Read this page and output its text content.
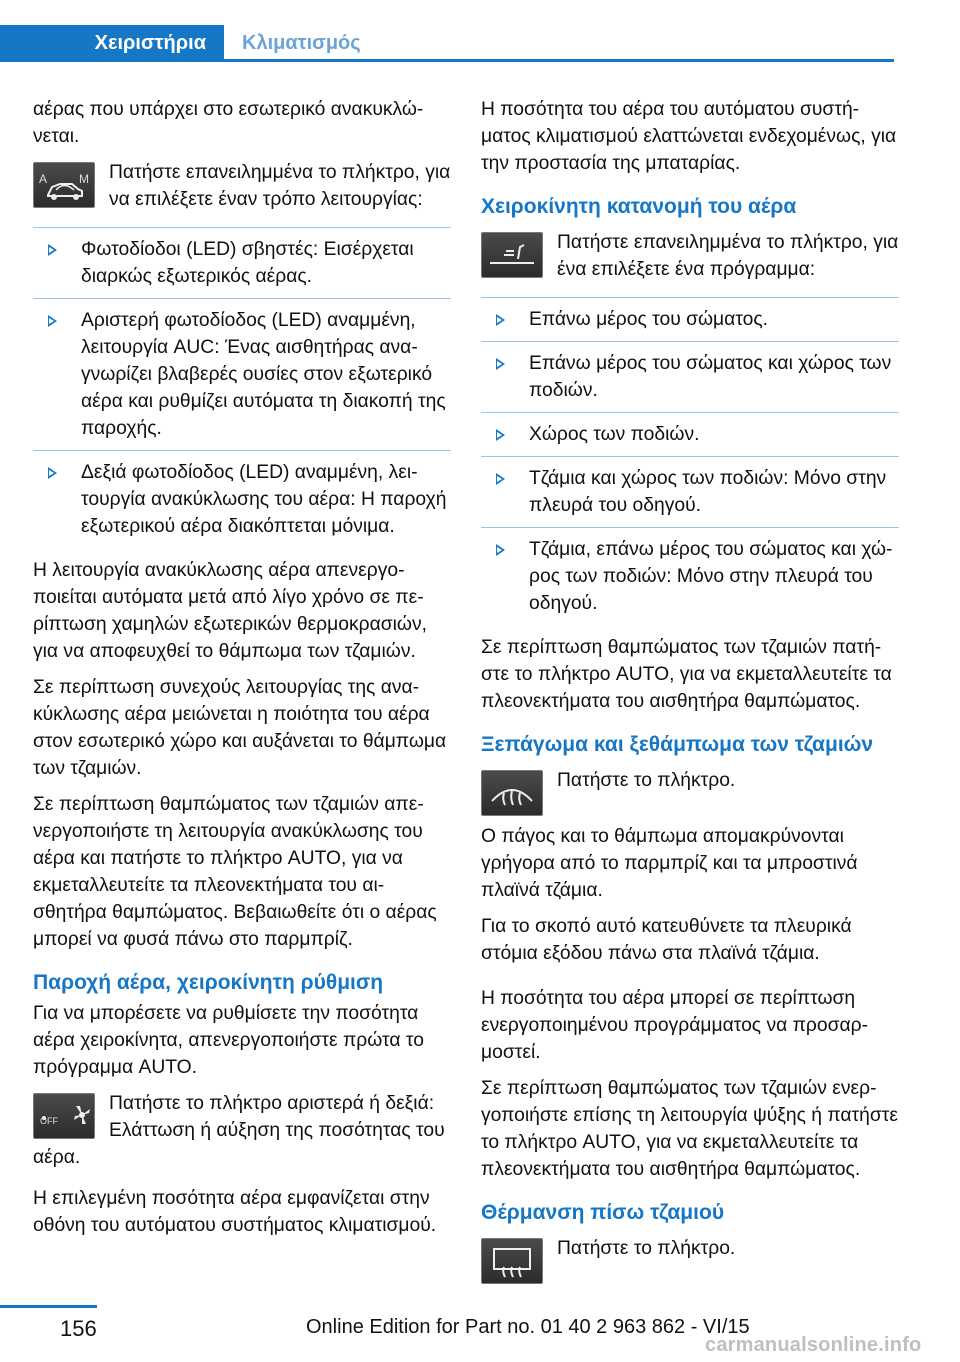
Χειριστήρια Κλιματισμός

αέρας που υπάρχει στο εσωτερικό ανακυκλώνεται.

A	M	Πατήστε επανειλημμένα το πλήκτρο, για να επιλέξετε έναν τρόπο λειτουργίας:
Φωτοδίοδοι (LED) σβηστές: Εισέρχεται διαρκώς εξωτερικός αέρας.
Αριστερή φωτοδίοδος (LED) αναμμένη, λειτουργία AUC: Ένας αισθητήρας αναγνωρίζει βλαβερές ουσίες στον εξωτερικό αέρα και ρυθμίζει αυτόματα τη διακοπή της παροχής.
Δεξιά φωτοδίοδος (LED) αναμμένη, λειτουργία ανακύκλωσης του αέρα: Η παροχή εξωτερικού αέρα διακόπτεται μόνιμα.

Η λειτουργία ανακύκλωσης αέρα απενεργοποιείται αυτόματα μετά από λίγο χρόνο σε περίπτωση χαμηλών εξωτερικών θερμοκρασιών, για να αποφευχθεί το θάμπωμα των τζαμιών.

Σε περίπτωση συνεχούς λειτουργίας της ανακύκλωσης αέρα μειώνεται η ποιότητα του αέρα στον εσωτερικό χώρο και αυξάνεται το θάμπωμα των τζαμιών.

Σε περίπτωση θαμπώματος των τζαμιών απενεργοποιήστε τη λειτουργία ανακύκλωσης του αέρα και πατήστε το πλήκτρο AUTO, για να εκμεταλλευτείτε τα πλεονεκτήματα του αισθητήρα θαμπώματος. Βεβαιωθείτε ότι ο αέρας μπορεί να φυσά πάνω στο παρμπρίζ.

Παροχή αέρα, χειροκίνητη ρύθμιση

Για να μπορέσετε να ρυθμίσετε την ποσότητα αέρα χειροκίνητα, απενεργοποιήστε πρώτα το πρόγραμμα AUTO.

OFF
Πατήστε το πλήκτρο αριστερά ή δεξιά: Ελάττωση ή αύξηση της ποσότητας του αέρα.

Η επιλεγμένη ποσότητα αέρα εμφανίζεται στην οθόνη του αυτόματου συστήματος κλιματισμού.

Η ποσότητα του αέρα του αυτόματου συστήματος κλιματισμού ελαττώνεται ενδεχομένως, για την προστασία της μπαταρίας.

Χειροκίνητη κατανομή του αέρα
Πατήστε επανειλημμένα το πλήκτρο, για ένα επιλέξετε ένα πρόγραμμα:
Επάνω μέρος του σώματος.
Επάνω μέρος του σώματος και χώρος των ποδιών.
Χώρος των ποδιών.
Τζάμια και χώρος των ποδιών: Μόνο στην πλευρά του οδηγού.
Τζάμια, επάνω μέρος του σώματος και χώρος των ποδιών: Μόνο στην πλευρά του οδηγού.

Σε περίπτωση θαμπώματος των τζαμιών πατήστε το πλήκτρο AUTO, για να εκμεταλλευτείτε τα πλεονεκτήματα του αισθητήρα θαμπώματος.

Ξεπάγωμα και ξεθάμπωμα των τζαμιών
Πατήστε το πλήκτρο.

Ο πάγος και το θάμπωμα απομακρύνονται γρήγορα από το παρμπρίζ και τα μπροστινά πλαϊνά τζάμια.

Για το σκοπό αυτό κατευθύνετε τα πλευρικά στόμια εξόδου πάνω στα πλαϊνά τζάμια.

Η ποσότητα του αέρα μπορεί σε περίπτωση ενεργοποιημένου προγράμματος να προσαρμοστεί.

Σε περίπτωση θαμπώματος των τζαμιών ενεργοποιήστε επίσης τη λειτουργία ψύξης ή πατήστε το πλήκτρο AUTO, για να εκμεταλλευτείτε τα πλεονεκτήματα του αισθητήρα θαμπώματος.

Θέρμανση πίσω τζαμιού
Πατήστε το πλήκτρο.
156	Online Edition for Part no. 01 40 2 963 862 - VI/15
carmanualsonline.info
